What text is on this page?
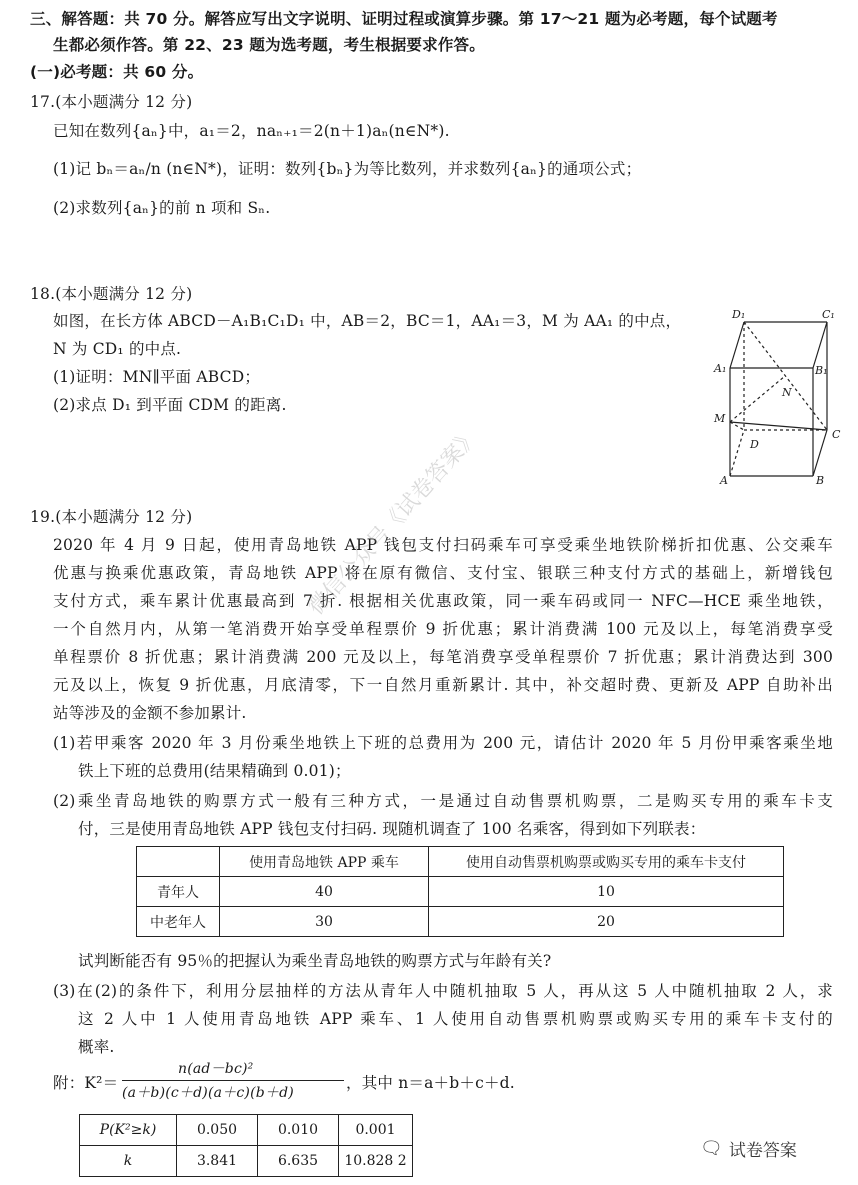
三、解答题：共 70 分。解答应写出文字说明、证明过程或演算步骤。第 17～21 题为必考题，每个试题考
生都必须作答。第 22、23 题为选考题，考生根据要求作答。
(一)必考题：共 60 分。
17.(本小题满分 12 分)
已知在数列{aₙ}中，a₁＝2，naₙ₊₁＝2(n＋1)aₙ(n∈N*).
(1)记 bₙ＝aₙ/n (n∈N*)，证明：数列{bₙ}为等比数列，并求数列{aₙ}的通项公式；
(2)求数列{aₙ}的前 n 项和 Sₙ.
18.(本小题满分 12 分)
如图，在长方体 ABCD－A₁B₁C₁D₁ 中，AB＝2，BC＝1，AA₁＝3，M 为 AA₁ 的中点，
N 为 CD₁ 的中点.
(1)证明：MN∥平面 ABCD；
(2)求点 D₁ 到平面 CDM 的距离.
D₁	C₁
A₁	B₁
N
M
C
D
A	B
19.(本小题满分 12 分)
2020 年 4 月 9 日起，使用青岛地铁 APP 钱包支付扫码乘车可享受乘坐地铁阶梯折扣优惠、公交乘车
优惠与换乘优惠政策，青岛地铁 APP 将在原有微信、支付宝、银联三种支付方式的基础上，新增钱包
支付方式，乘车累计优惠最高到 7 折. 根据相关优惠政策，同一乘车码或同一 NFC—HCE 乘坐地铁，
一个自然月内，从第一笔消费开始享受单程票价 9 折优惠；累计消费满 100 元及以上，每笔消费享受
单程票价 8 折优惠；累计消费满 200 元及以上，每笔消费享受单程票价 7 折优惠；累计消费达到 300
元及以上，恢复 9 折优惠，月底清零，下一自然月重新累计. 其中，补交超时费、更新及 APP 自助补出
站等涉及的金额不参加累计.
(1)若甲乘客 2020 年 3 月份乘坐地铁上下班的总费用为 200 元，请估计 2020 年 5 月份甲乘客乘坐地
铁上下班的总费用(结果精确到 0.01)；
(2)乘坐青岛地铁的购票方式一般有三种方式，一是通过自动售票机购票，二是购买专用的乘车卡支
付，三是使用青岛地铁 APP 钱包支付扫码. 现随机调查了 100 名乘客，得到如下列联表：
	使用青岛地铁 APP 乘车	使用自动售票机购票或购买专用的乘车卡支付
青年人	40	10
中老年人	30	20
试判断能否有 95％的把握认为乘坐青岛地铁的购票方式与年龄有关?
(3)在(2)的条件下，利用分层抽样的方法从青年人中随机抽取 5 人，再从这 5 人中随机抽取 2 人，求
这 2 人中 1 人使用青岛地铁 APP 乘车、1 人使用自动售票机购票或购买专用的乘车卡支付的
概率.
附：K²＝
n(ad－bc)²
(a＋b)(c＋d)(a＋c)(b＋d)
，其中 n＝a＋b＋c＋d.
P(K²≥k)	0.050	0.010	0.001
k	3.841	6.635	10.828 2
微信公众号《试卷答案》
🗨 试卷答案
